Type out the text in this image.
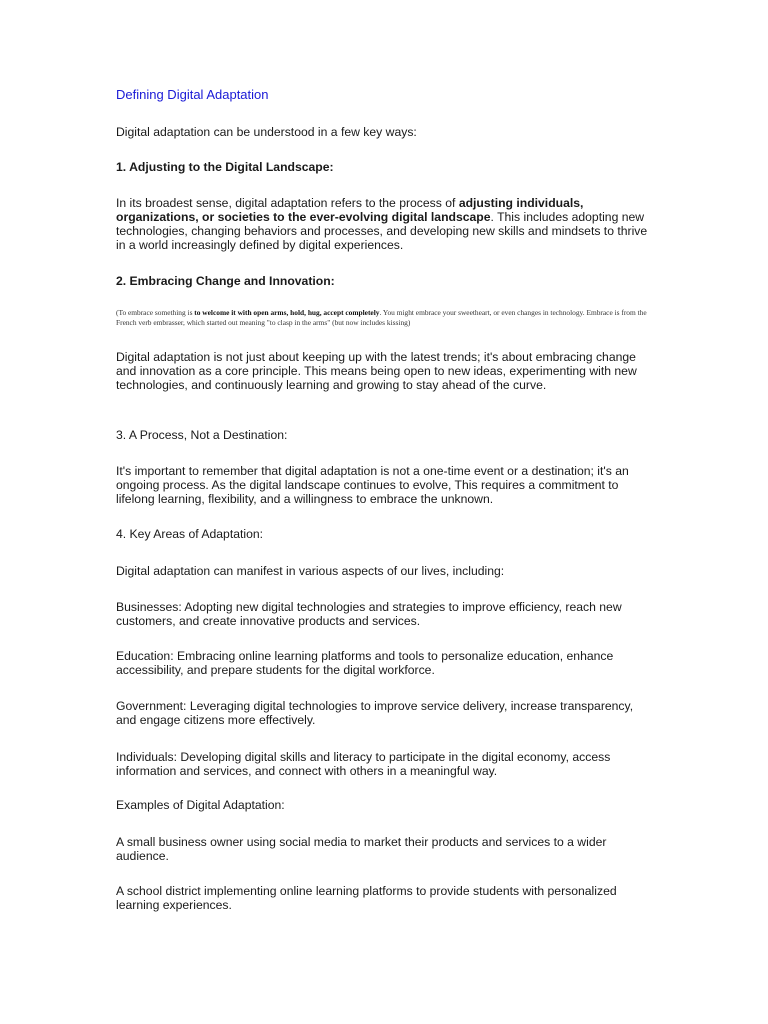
Defining Digital Adaptation

Digital adaptation can be understood in a few key ways:

1. Adjusting to the Digital Landscape:

In its broadest sense, digital adaptation refers to the process of adjusting individuals, organizations, or societies to the ever-evolving digital landscape. This includes adopting new technologies, changing behaviors and processes, and developing new skills and mindsets to thrive in a world increasingly defined by digital experiences.

2. Embracing Change and Innovation:

(To embrace something is to welcome it with open arms, hold, hug, accept completely. You might embrace your sweetheart, or even changes in technology. Embrace is from the French verb embrasser, which started out meaning "to clasp in the arms" (but now includes kissing)

Digital adaptation is not just about keeping up with the latest trends; it's about embracing change and innovation as a core principle. This means being open to new ideas, experimenting with new technologies, and continuously learning and growing to stay ahead of the curve.

3. A Process, Not a Destination:

It's important to remember that digital adaptation is not a one-time event or a destination; it's an ongoing process. As the digital landscape continues to evolve, This requires a commitment to lifelong learning, flexibility, and a willingness to embrace the unknown.

4. Key Areas of Adaptation:

Digital adaptation can manifest in various aspects of our lives, including:

Businesses: Adopting new digital technologies and strategies to improve efficiency, reach new customers, and create innovative products and services.

Education: Embracing online learning platforms and tools to personalize education, enhance accessibility, and prepare students for the digital workforce.

Government: Leveraging digital technologies to improve service delivery, increase transparency, and engage citizens more effectively.

Individuals: Developing digital skills and literacy to participate in the digital economy, access information and services, and connect with others in a meaningful way.

Examples of Digital Adaptation:

A small business owner using social media to market their products and services to a wider audience.

A school district implementing online learning platforms to provide students with personalized learning experiences.
